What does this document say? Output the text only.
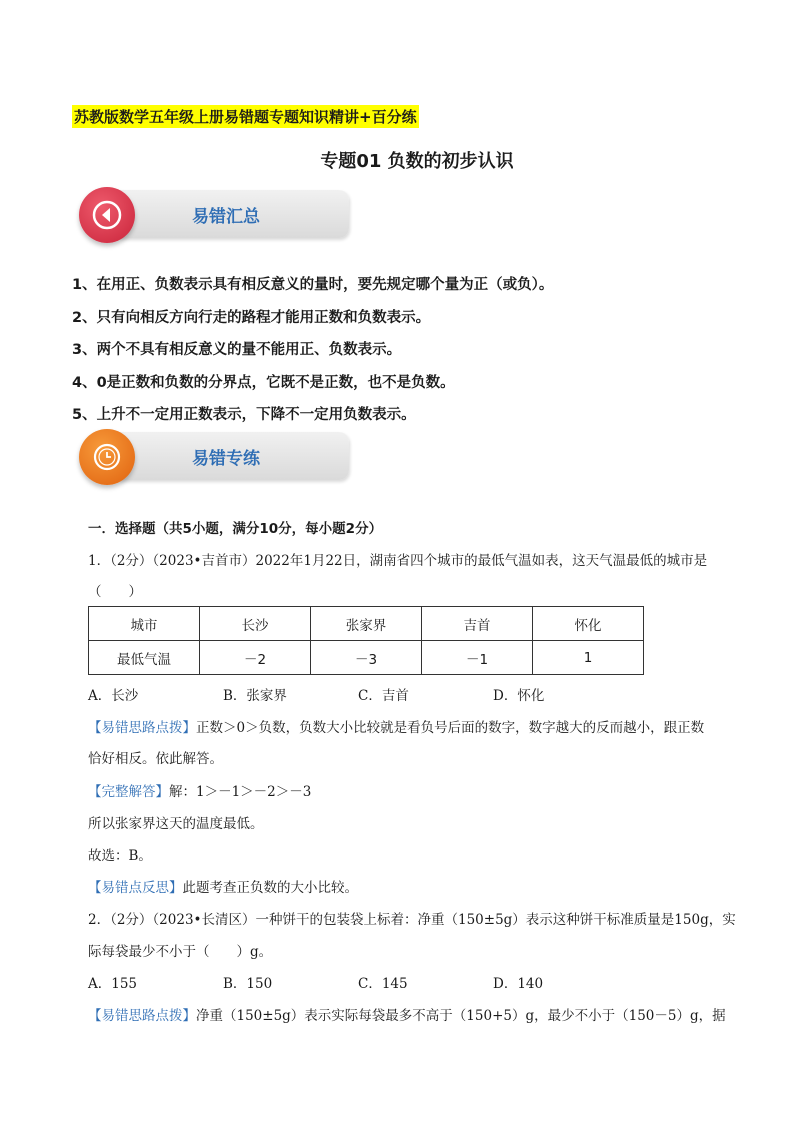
苏教版数学五年级上册易错题专题知识精讲+百分练
专题01 负数的初步认识
易错汇总
1、在用正、负数表示具有相反意义的量时，要先规定哪个量为正（或负）。
2、只有向相反方向行走的路程才能用正数和负数表示。
3、两个不具有相反意义的量不能用正、负数表示。
4、0是正数和负数的分界点，它既不是正数，也不是负数。
5、上升不一定用正数表示，下降不一定用负数表示。
易错专练
一．选择题（共5小题，满分10分，每小题2分）
1．（2分）（2023•吉首市）2022年1月22日，湖南省四个城市的最低气温如表，这天气温最低的城市是
（　　）
城市	长沙	张家界	吉首	怀化
最低气温	－2	－3	－1	1
A．长沙	B．张家界	C．吉首	D．怀化
【易错思路点拨】正数＞0＞负数，负数大小比较就是看负号后面的数字，数字越大的反而越小，跟正数
恰好相反。依此解答。
【完整解答】解：1＞－1＞－2＞－3
所以张家界这天的温度最低。
故选：B。
【易错点反思】此题考查正负数的大小比较。
2．（2分）（2023•长清区）一种饼干的包装袋上标着：净重（150±5g）表示这种饼干标准质量是150g，实
际每袋最少不小于（　　）g。
A．155	B．150	C．145	D．140
【易错思路点拨】净重（150±5g）表示实际每袋最多不高于（150+5）g，最少不小于（150－5）g，据
